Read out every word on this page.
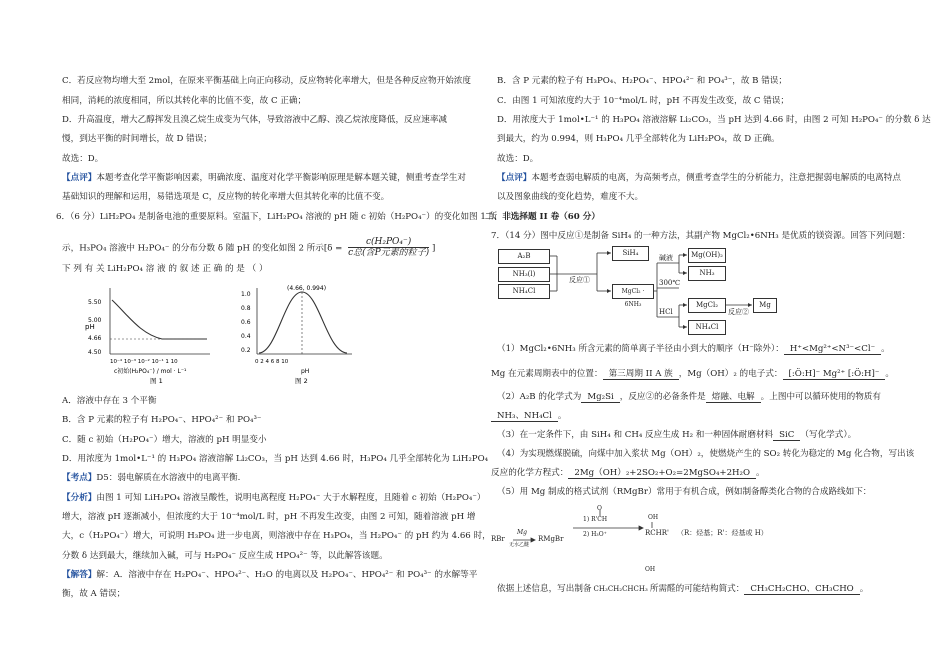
C．若反应物均增大至 2mol，在原来平衡基础上向正向移动，反应物转化率增大，但是各种反应物开始浓度
相同，消耗的浓度相同，所以其转化率的比值不变，故 C 正确；
D．升高温度，增大乙醇挥发且溴乙烷生成变为气体，导致溶液中乙醇、溴乙烷浓度降低，反应速率减
慢，到达平衡的时间增长，故 D 错误；
故选：D。
【点评】本题考查化学平衡影响因素，明确浓度、温度对化学平衡影响原理是解本题关键，侧重考查学生对
基础知识的理解和运用，易错选项是 C，反应物的转化率增大但其转化率的比值不变。
6．（6 分）LiH₂PO₄ 是制备电池的重要原料。室温下，LiH₂PO₄ 溶液的 pH 随 c 初始（H₂PO₄⁻）的变化如图 1 所
示，H₃PO₄ 溶液中 H₂PO₄⁻ 的分布分数 δ 随 pH 的变化如图 2 所示[δ =
c(H₂PO₄⁻)
c总(含P元素的粒子) ]
下 列 有 关 LiH₂PO₄ 溶 液 的 叙 述 正 确 的 是 （ ）
5.50
5.00
4.66
4.50
10⁻⁴ 10⁻³ 10⁻² 10⁻¹ 1 10
pH
c初始(H₂PO₄⁻) / mol · L⁻¹
图 1
1.0
0.8
0.6
0.4
0.2
(4.66, 0.994)
0 2 4 6 8 10
pH
图 2
A．溶液中存在 3 个平衡
B．含 P 元素的粒子有 H₂PO₄⁻、HPO₄²⁻ 和 PO₄³⁻
C．随 c 初始（H₂PO₄⁻）增大，溶液的 pH 明显变小
D．用浓度为 1mol•L⁻¹ 的 H₃PO₄ 溶液溶解 Li₂CO₃，当 pH 达到 4.66 时，H₃PO₄ 几乎全部转化为 LiH₂PO₄
【考点】D5：弱电解质在水溶液中的电离平衡.
【分析】由图 1 可知 LiH₂PO₄ 溶液呈酸性，说明电离程度 H₂PO₄⁻ 大于水解程度，且随着 c 初始（H₂PO₄⁻）
增大，溶液 pH 逐渐减小，但浓度约大于 10⁻⁴mol/L 时，pH 不再发生改变，由图 2 可知，随着溶液 pH 增
大，c（H₂PO₄⁻）增大，可说明 H₃PO₄ 进一步电离，则溶液中存在 H₃PO₄，当 H₂PO₄⁻ 的 pH 约为 4.66 时，
分数 δ 达到最大，继续加入碱，可与 H₂PO₄⁻ 反应生成 HPO₄²⁻ 等，以此解答该题。
【解答】解：A．溶液中存在 H₂PO₄⁻、HPO₄²⁻、H₂O 的电离以及 H₂PO₄⁻、HPO₄²⁻ 和 PO₄³⁻ 的水解等平
衡，故 A 错误；
B．含 P 元素的粒子有 H₃PO₄、H₂PO₄⁻、HPO₄²⁻ 和 PO₄³⁻，故 B 错误；
C．由图 1 可知浓度约大于 10⁻⁴mol/L 时，pH 不再发生改变，故 C 错误；
D．用浓度大于 1mol•L⁻¹ 的 H₃PO₄ 溶液溶解 Li₂CO₃，当 pH 达到 4.66 时，由图 2 可知 H₂PO₄⁻ 的分数 δ 达
到最大，约为 0.994，则 H₃PO₄ 几乎全部转化为 LiH₂PO₄，故 D 正确。
故选：D。
【点评】本题考查弱电解质的电离，为高频考点，侧重考查学生的分析能力，注意把握弱电解质的电离特点
以及图象曲线的变化趋势，难度不大。
二、非选择题 II 卷（60 分）
7．（14 分）图中反应①是制备 SiH₄ 的一种方法，其副产物 MgCl₂•6NH₃ 是优质的镁资源。回答下列问题：
A₂B
NH₃(l)
NH₄Cl
反应①
SiH₄
MgCl₂ · 6NH₃
碱液
300℃
HCl
Mg(OH)₂
NH₃
MgCl₂
NH₄Cl
反应②
Mg
（1）MgCl₂•6NH₃ 所含元素的简单离子半径由小到大的顺序（H⁻除外）： H⁺<Mg²⁺<N³⁻<Cl⁻ 。
Mg 在元素周期表中的位置： 第三周期 II A 族 ，Mg（OH）₂ 的电子式： [:Ö:H]⁻ Mg²⁺ [:Ö:H]⁻ 。
（2）A₂B 的化学式为 Mg₂Si ，反应②的必备条件是 熔融、电解 。上图中可以循环使用的物质有
NH₃、NH₄Cl 。
（3）在一定条件下，由 SiH₄ 和 CH₄ 反应生成 H₂ 和一种固体耐磨材料 SiC （写化学式）。
（4）为实现燃煤脱硫，向煤中加入浆状 Mg（OH）₂，使燃烧产生的 SO₂ 转化为稳定的 Mg 化合物，写出该
反应的化学方程式： 2Mg（OH）₂+2SO₂+O₂=2MgSO₄+2H₂O 。
（5）用 Mg 制成的格式试剂（RMgBr）常用于有机合成，例如制备醇类化合物的合成路线如下：
RBr
Mg
无水乙醚
RMgBr
O
1) R'CH
2) H₃O⁺
OH
RCHR' （R：烃基；R'：烃基或 H）
OH
依据上述信息，写出制备 CH₃CH₂CHCH₃ 所需醛的可能结构简式： CH₃CH₂CHO、CH₃CHO 。
